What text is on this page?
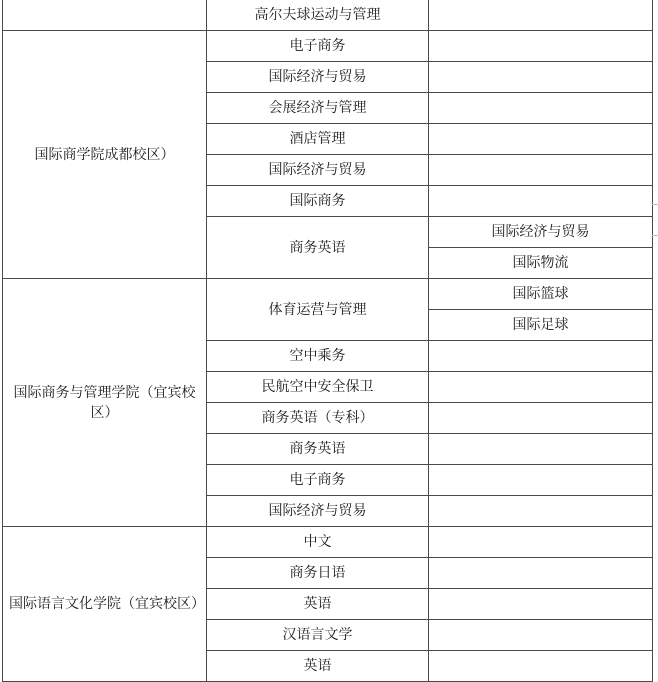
	高尔夫球运动与管理	
国际商学院成都校区）	电子商务	
	国际经济与贸易	
	会展经济与管理	
	酒店管理	
	国际经济与贸易	
	国际商务	
	商务英语	国际经济与贸易
		国际物流
国际商务与管理学院（宜宾校区）	体育运营与管理	国际篮球
		国际足球
	空中乘务	
	民航空中安全保卫	
	商务英语（专科）	
	商务英语	
	电子商务	
	国际经济与贸易	
国际语言文化学院（宜宾校区）	中文	
	商务日语	
	英语	
	汉语言文学	
	英语	
